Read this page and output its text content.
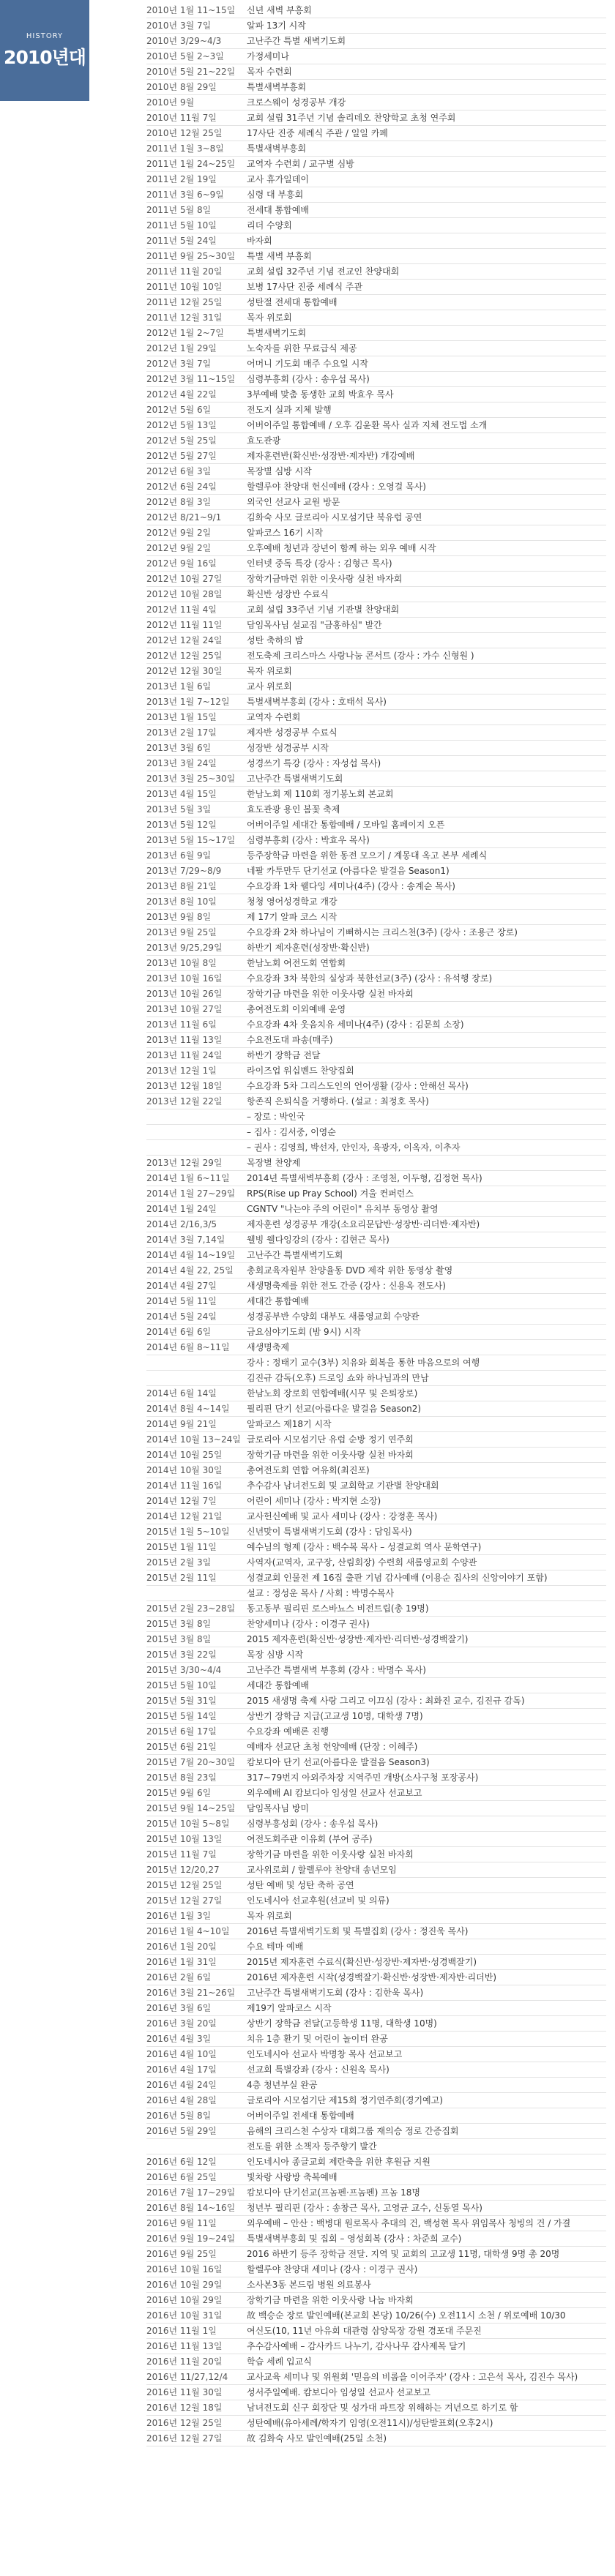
HISTORY
2010년대
2010년 1월 11~15일	신년 새벽 부흥회
2010년 3월 7일	알파 13기 시작
2010년 3/29~4/3	고난주간 특별 새벽기도회
2010년 5월 2~3일	가정세미나
2010년 5월 21~22일	목자 수련회
2010년 8월 29일	특별새벽부흥회
2010년 9월	크로스웨이 성경공부 개강
2010년 11월 7일	교회 설립 31주년 기념 솔리데오 찬양학교 초청 연주회
2010년 12월 25일	17사단 진중 세례식 주관 / 일일 카페
2011년 1월 3~8일	특별새벽부흥회
2011년 1월 24~25일	교역자 수련회 / 교구별 심방
2011년 2월 19일	교사 휴가일데이
2011년 3월 6~9일	심령 대 부흥회
2011년 5월 8일	전세대 통합예배
2011년 5월 10일	리더 수양회
2011년 5월 24일	바자회
2011년 9월 25~30일	특별 새벽 부흥회
2011년 11월 20일	교회 설립 32주년 기념 전교인 찬양대회
2011년 10월 10일	보병 17사단 진중 세례식 주관
2011년 12월 25일	성탄절 전세대 통합예배
2011년 12월 31일	목자 위로회
2012년 1월 2~7일	특별새벽기도회
2012년 1월 29일	노숙자를 위한 무료급식 제공
2012년 3월 7일	어머니 기도회 매주 수요일 시작
2012년 3월 11~15일	심령부흥회 (강사 : 송우섭 목사)
2012년 4월 22일	3부예배 맞춤 동생한 교회 박효우 목사
2012년 5월 6일	전도지 실과 지체 발행
2012년 5월 13일	어버이주일 통합예배 / 오후 김윤환 목사 실과 지체 전도법 소개
2012년 5월 25일	효도관광
2012년 5월 27일	제자훈련반(확신반·성장반·제자반) 개강예배
2012년 6월 3일	목장별 심방 시작
2012년 6월 24일	할렐루야 찬양대 헌신예배 (강사 : 오영걸 목사)
2012년 8월 3일	외국인 선교사 교원 방문
2012년 8/21~9/1	김화숙 사모 글로리아 시모섬기단 북유럽 공연
2012년 9월 2일	알파코스 16기 시작
2012년 9월 2일	오후예배 청년과 장년이 함께 하는 외우 예배 시작
2012년 9월 16일	인터넷 중독 특강 (강사 : 김형근 목사)
2012년 10월 27일	장학기금마련 위한 이웃사랑 실천 바자회
2012년 10월 28일	확신반 성장반 수료식
2012년 11월 4일	교회 설립 33주년 기념 기관별 찬양대회
2012년 11월 11일	담임목사님 설교집 "금홍하심" 발간
2012년 12월 24일	성탄 축하의 밤
2012년 12월 25일	전도축제 크리스마스 사랑나눔 콘서트 (강사 : 가수 신형원 )
2012년 12월 30일	목자 위로회
2013년 1월 6일	교사 위로회
2013년 1월 7~12일	특별새벽부흥회 (강사 : 호태석 목사)
2013년 1월 15일	교역자 수련회
2013년 2월 17일	제자반 성경공부 수료식
2013년 3월 6일	성장반 성경공부 시작
2013년 3월 24일	성경쓰기 특강 (강사 : 자성섭 목사)
2013년 3월 25~30일	고난주간 특별새벽기도회
2013년 4월 15일	한남노회 제 110회 정기봉노회 본교회
2013년 5월 3일	효도관광 용인 봄꽃 축제
2013년 5월 12일	어버이주일 세대간 통합예배 / 모바일 홈페이지 오픈
2013년 5월 15~17일	심령부흥회 (강사 : 박효우 목사)
2013년 6월 9일	등주장학금 마련을 위한 동전 모으기 / 계몽대 옥고 본부 세례식
2013년 7/29~8/9	네팔 카투만두 단기선교 (아름다운 발걸음 Season1)
2013년 8월 21일	수요강좌 1차 웰다잉 세미나(4주) (강사 : 송계순 목사)
2013년 8월 10일	청청 영어성경학교 개강
2013년 9월 8일	제 17기 알파 코스 시작
2013년 9월 25일	수요강좌 2차 하나님이 기뻐하시는 크리스천(3주) (강사 : 조용근 장로)
2013년 9/25,29일	하반기 제자훈련(성장반·확신반)
2013년 10월 8일	한남노회 여전도회 연합회
2013년 10월 16일	수요강좌 3차 북한의 실상과 북한선교(3주) (강사 : 유석행 장로)
2013년 10월 26일	장학기금 마련을 위한 이웃사랑 실천 바자회
2013년 10월 27일	총여전도회 이외예배 운영
2013년 11월 6일	수요강좌 4차 웃음치유 세미나(4주) (강사 : 김문희 소장)
2013년 11월 13일	수요전도대 파송(매주)
2013년 11월 24일	하반기 장학금 전달
2013년 12월 1일	라이즈업 워십벤드 찬양집회
2013년 12월 18일	수요강좌 5차 그리스도인의 언어생활 (강사 : 안해선 목사)
2013년 12월 22일	항존직 은퇴식을 거행하다. (설교 : 최정호 목사)
– 장로 : 박인국
– 집사 : 김서중, 이영순
– 권사 : 김영희, 박선자, 안인자, 육광자, 이옥자, 이추자
2013년 12월 29일	목장별 찬양제
2014년 1월 6~11일	2014년 특별새벽부흥회 (강사 : 조영천, 이두형, 김정현 목사)
2014년 1월 27~29일	RPS(Rise up Pray School) 겨울 컨퍼런스
2014년 1월 24일	CGNTV "나는야 주의 어린이" 유치부 동영상 촬영
2014년 2/16,3/5	제자훈련 성경공부 개강(소요리문답반·성장반·리더반·제자반)
2014년 3월 7,14일	웰빙 웰다잉강의 (강사 : 김현근 목사)
2014년 4월 14~19일	고난주간 특별새벽기도회
2014년 4월 22, 25일	총회교육자원부 찬양율동 DVD 제작 위한 동영상 촬영
2014년 4월 27일	새생명축제를 위한 전도 간증 (강사 : 신용옥 전도사)
2014년 5월 11일	세대간 통합예배
2014년 5월 24일	성경공부반 수양회 대부도 새롬영교회 수양관
2014년 6월 6일	금요심야기도회 (밤 9시) 시작
2014년 6월 8~11일	새생명축제
강사 : 정태기 교수(3부) 치유와 회복을 통한 마음으로의 여행
김진규 감독(오후) 드로잉 쇼와 하나님과의 만남
2014년 6월 14일	한남노회 장로회 연합예배(시무 및 은퇴장로)
2014년 8월 4~14일	필리핀 단기 선교(아름다운 발걸음 Season2)
2014년 9월 21일	알파코스 제18기 시작
2014년 10월 13~24일 글로리아 시모섬기단 유럽 순방 정기 연주회
2014년 10월 25일	장학기금 마련을 위한 이웃사랑 실천 바자회
2014년 10월 30일	총여전도회 연합 여유회(최진포)
2014년 11월 16일	추수감사 남녀전도회 및 교회학교 기관별 찬양대회
2014년 12월 7일	어린이 세미나 (강사 : 박지현 소장)
2014년 12월 21일	교사헌신예배 및 교사 세미나 (강사 : 강정훈 목사)
2015년 1월 5~10일	신년맞이 특별새벽기도회 (강사 : 담임목사)
2015년 1월 11일	예수님의 형제 (강사 : 백수복 목사 – 성결교회 역사 문학연구)
2015년 2월 3일	사역자(교역자, 교구장, 산림회장) 수련회 새롬영교회 수양관
2015년 2월 11일	성결교회 인물전 제 16집 출판 기념 감사예배 (이용순 집사의 신앙이야기 포함)
설교 : 정성운 목사 / 사회 : 박명수목사
2015년 2월 23~28일	동고동부 필리핀 로스바뇨스 비전트립(총 19명)
2015년 3월 8일	찬양세미나 (강사 : 이경구 권사)
2015년 3월 8일	2015 제자훈련(확신반·성장반·제자반·리더반·성경백잘기)
2015년 3월 22일	목장 심방 시작
2015년 3/30~4/4	고난주간 특별새벽 부흥회 (강사 : 박명수 목사)
2015년 5월 10일	세대간 통합예배
2015년 5월 31일	2015 새생명 축제 사랑 그리고 이끄심 (강사 : 최화진 교수, 김진규 감독)
2015년 5월 14일	상반기 장학금 지급(고교생 10명, 대학생 7명)
2015년 6월 17일	수요강좌 예배론 진행
2015년 6월 21일	예배자 선교단 초청 헌양예배 (단장 : 이혜주)
2015년 7월 20~30일	캄보디아 단기 선교(아름다운 발걸음 Season3)
2015년 8월 23일	317~79번지 아외주차장 지역주민 개방(소사구청 포장공사)
2015년 9월 6일	외우예배 AI 캄보디아 임성일 선교사 선교보고
2015년 9월 14~25일	담임목사님 방미
2015년 10월 5~8일	심령부흥성회 (강사 : 송우섭 목사)
2015년 10월 13일	여전도회주관 이유회 (부여 공주)
2015년 11월 7일	장학기금 마련을 위한 이웃사랑 실천 바자회
2015년 12/20,27	교사위로회 / 할렐루야 찬양대 송년모임
2015년 12월 25일	성탄 예배 및 성탄 축하 공연
2015년 12월 27일	인도네시아 선교후원(선교비 및 의류)
2016년 1월 3일	목자 위로회
2016년 1월 4~10일	2016년 특별새벽기도회 및 특별집회 (강사 : 정진욱 목사)
2016년 1월 20일	수요 테마 예배
2016년 1월 31일	2015년 제자훈련 수료식(확신반·성장반·제자반·성경백잘기)
2016년 2월 6일	2016년 제자훈련 시작(성경백잘기·확신반·성장반·제자반·리더반)
2016년 3월 21~26일	고난주간 특별새벽기도회 (강사 : 김한욱 목사)
2016년 3월 6일	제19기 알파코스 시작
2016년 3월 20일	상반기 장학금 전달(고등학생 11명, 대학생 10명)
2016년 4월 3일	치유 1층 환기 및 어린이 놀이터 완공
2016년 4월 10일	인도네시아 선교사 박명창 목사 선교보고
2016년 4월 17일	선교회 특별강좌 (강사 : 신원옥 목사)
2016년 4월 24일	4층 청년부실 완공
2016년 4월 28일	글로리아 시모섬기단 제15회 정기연주회(경기예고)
2016년 5월 8일	어버이주일 전세대 통합예배
2016년 5월 29일	음해의 크리스천 수상자 대회그룹 재의승 정로 간증집회
전도를 위한 소책자 등주향기 발간
2016년 6월 12일	인도네시아 종글교회 제란축을 위한 후원금 지원
2016년 6월 25일	빛차랑 사랑방 축복예배
2016년 7월 17~29일	캄보디아 단기선교(프놈펜·프놈펜) 프놈 18명
2016년 8월 14~16일	청년부 필리핀 (강사 : 송창근 목사, 고영균 교수, 신동열 목사)
2016년 9월 11일	외우예배 – 안산 : 백병대 원로목사 추대의 건, 백성현 목사 위임목사 청빙의 건 / 가결
2016년 9월 19~24일	특별새벽부흥회 및 집회 – 영성회복 (강사 : 차준희 교수)
2016년 9월 25일	2016 하반기 등주 장학금 전달. 지역 및 교회의 고교생 11명, 대학생 9명 총 20명
2016년 10월 16일	할렐루야 찬양대 세미나 (강사 : 이경구 권사)
2016년 10월 29일	소사본3동 본드림 병원 의료봉사
2016년 10월 29일	장학기금 마련을 위한 이웃사랑 나눔 바자회
2016년 10월 31일	故 백승순 장로 발인예배(본교회 본당) 10/26(수) 오전11시 소천 / 위로예배 10/30
2016년 11월 1일	여신도(10, 11년 아유회 대관령 삼양목장 강원 경포대 주문진
2016년 11월 13일	추수감사예배 – 감사카드 나누기, 감사나무 감사제목 달기
2016년 11월 20일	학습 세례 입교식
2016년 11/27,12/4	교사교육 세미나 및 위원회 '믿음의 비롭을 이어주자' (강사 : 고은석 목사, 김진수 목사)
2016년 11월 30일	성서주일예배. 캄보디아 임성일 선교사 선교보고
2016년 12월 18일	남녀전도회 신구 회장단 및 성가대 파트장 위해하는 겨년으로 하기로 함
2016년 12월 25일	성탄예배(유아세례/학자기 임영(오전11시)/성탄발표회(오후2시)
2016년 12월 27일	故 김화숙 사모 발인예배(25일 소천)
